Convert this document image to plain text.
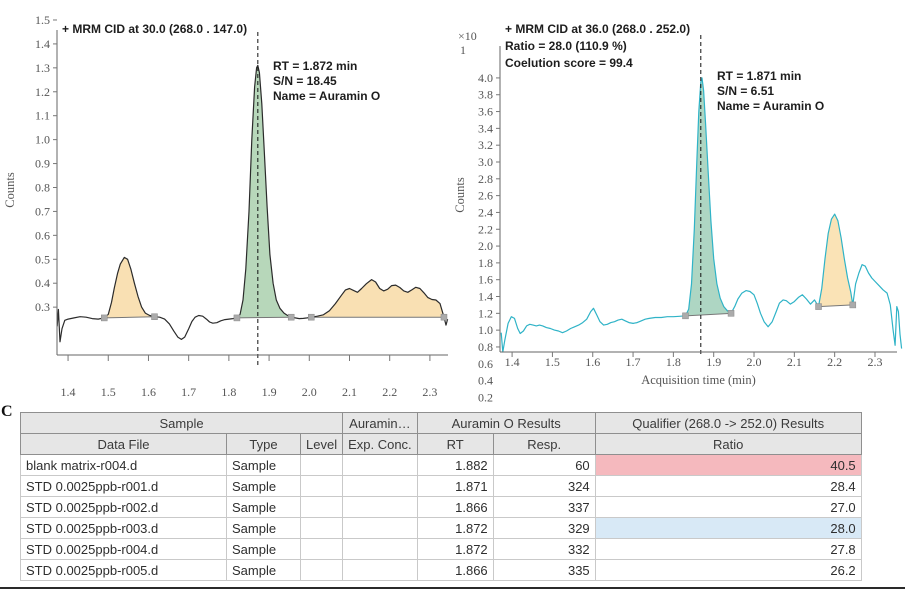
0.3
0.4
0.5
0.6
0.7
0.8
0.9
1.0
1.1
1.2
1.3
1.4
1.5
1.4 1.5 1.6 1.7 1.8 1.9 2.0 2.1 2.2 2.3
+ MRM CID at 30.0 (268.0 . 147.0)
RT = 1.872 min
S/N = 18.45
Name = Auramin O
Counts
0.2
0.4
0.6
0.8
1.0
1.2
1.4
1.6
1.8
2.0
2.2
2.4
2.6
2.8
3.0
3.2
3.4
3.6
3.8
4.0
1.4 1.5 1.6 1.7 1.8 1.9 2.0 2.1 2.2 2.3
+ MRM CID at 36.0 (268.0 . 252.0)
Ratio = 28.0 (110.9 %)
Coelution score = 99.4
RT = 1.871 min
S/N = 6.51
Name = Auramin O
Counts
Acquisition time (min)
×10
1
C
Sample			Auramin…	Auramin O Results		Qualifier (268.0 -> 252.0) Results
Data File	Type	Level	Exp. Conc.	RT	Resp.	Ratio
blank matrix-r004.d	Sample			1.882	60	40.5
STD 0.0025ppb-r001.d	Sample			1.871	324	28.4
STD 0.0025ppb-r002.d	Sample			1.866	337	27.0
STD 0.0025ppb-r003.d	Sample			1.872	329	28.0
STD 0.0025ppb-r004.d	Sample			1.872	332	27.8
STD 0.0025ppb-r005.d	Sample			1.866	335	26.2
